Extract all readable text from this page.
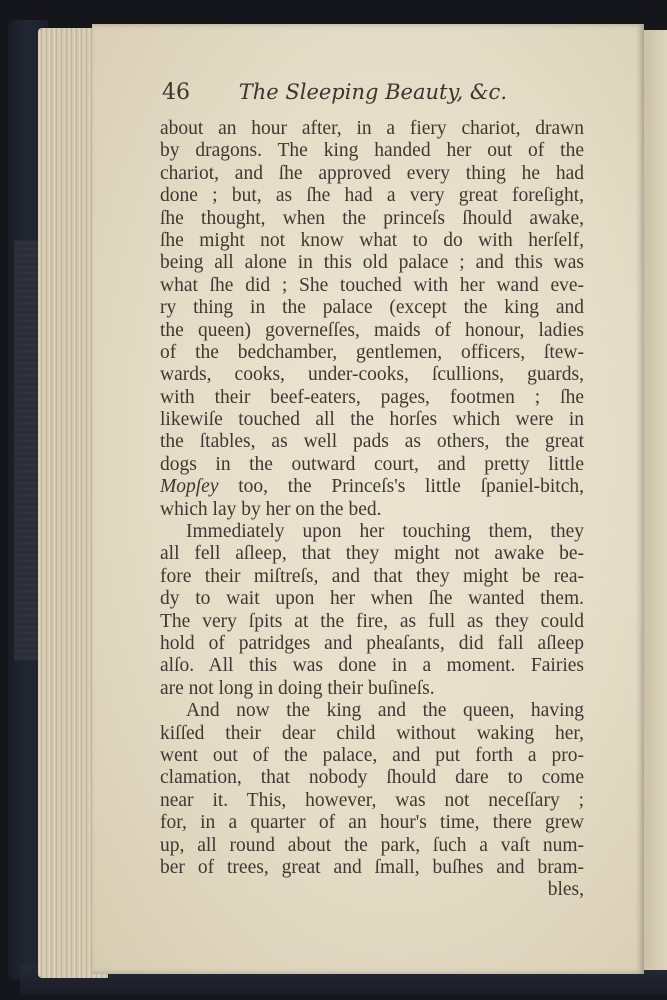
46 The Sleeping Beauty, &c.
about an hour after, in a fiery chariot, drawn
by dragons. The king handed her out of the
chariot, and ſhe approved every thing he had
done ; but, as ſhe had a very great foreſight,
ſhe thought, when the princeſs ſhould awake,
ſhe might not know what to do with herſelf,
being all alone in this old palace ; and this was
what ſhe did ; She touched with her wand eve-
ry thing in the palace (except the king and
the queen) governeſſes, maids of honour, ladies
of the bedchamber, gentlemen, officers, ſtew-
wards, cooks, under-cooks, ſcullions, guards,
with their beef-eaters, pages, footmen ; ſhe
likewiſe touched all the horſes which were in
the ſtables, as well pads as others, the great
dogs in the outward court, and pretty little
Mopſey too, the Princeſs's little ſpaniel-bitch,
which lay by her on the bed.
Immediately upon her touching them, they
all fell aſleep, that they might not awake be-
fore their miſtreſs, and that they might be rea-
dy to wait upon her when ſhe wanted them.
The very ſpits at the fire, as full as they could
hold of patridges and pheaſants, did fall aſleep
alſo. All this was done in a moment. Fairies
are not long in doing their buſineſs.
And now the king and the queen, having
kiſſed their dear child without waking her,
went out of the palace, and put forth a pro-
clamation, that nobody ſhould dare to come
near it. This, however, was not neceſſary ;
for, in a quarter of an hour's time, there grew
up, all round about the park, ſuch a vaſt num-
ber of trees, great and ſmall, buſhes and bram-
bles,
